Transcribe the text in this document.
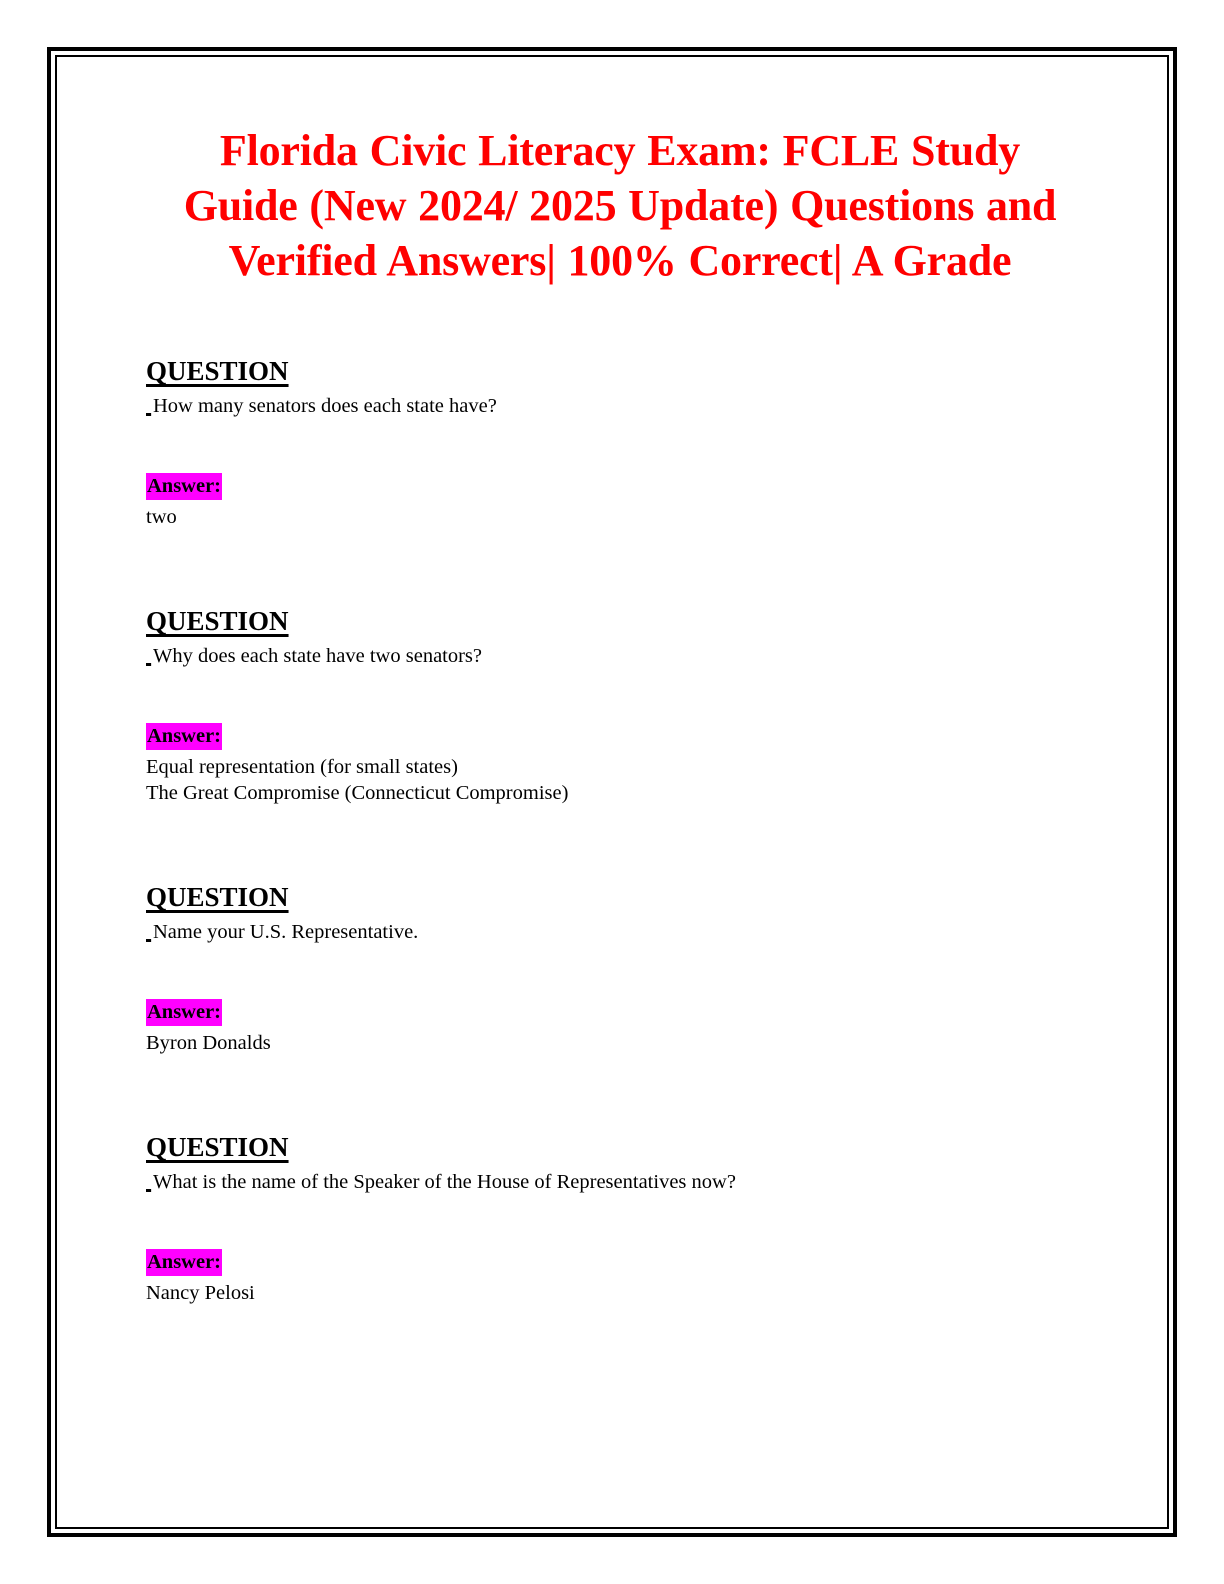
Florida Civic Literacy Exam: FCLE Study Guide (New 2024/ 2025 Update) Questions and Verified Answers| 100% Correct| A Grade
QUESTION

How many senators does each state have?

Answer:

two

QUESTION

Why does each state have two senators?

Answer:

Equal representation (for small states)
The Great Compromise (Connecticut Compromise)

QUESTION

Name your U.S. Representative.

Answer:

Byron Donalds

QUESTION

What is the name of the Speaker of the House of Representatives now?

Answer:

Nancy Pelosi
